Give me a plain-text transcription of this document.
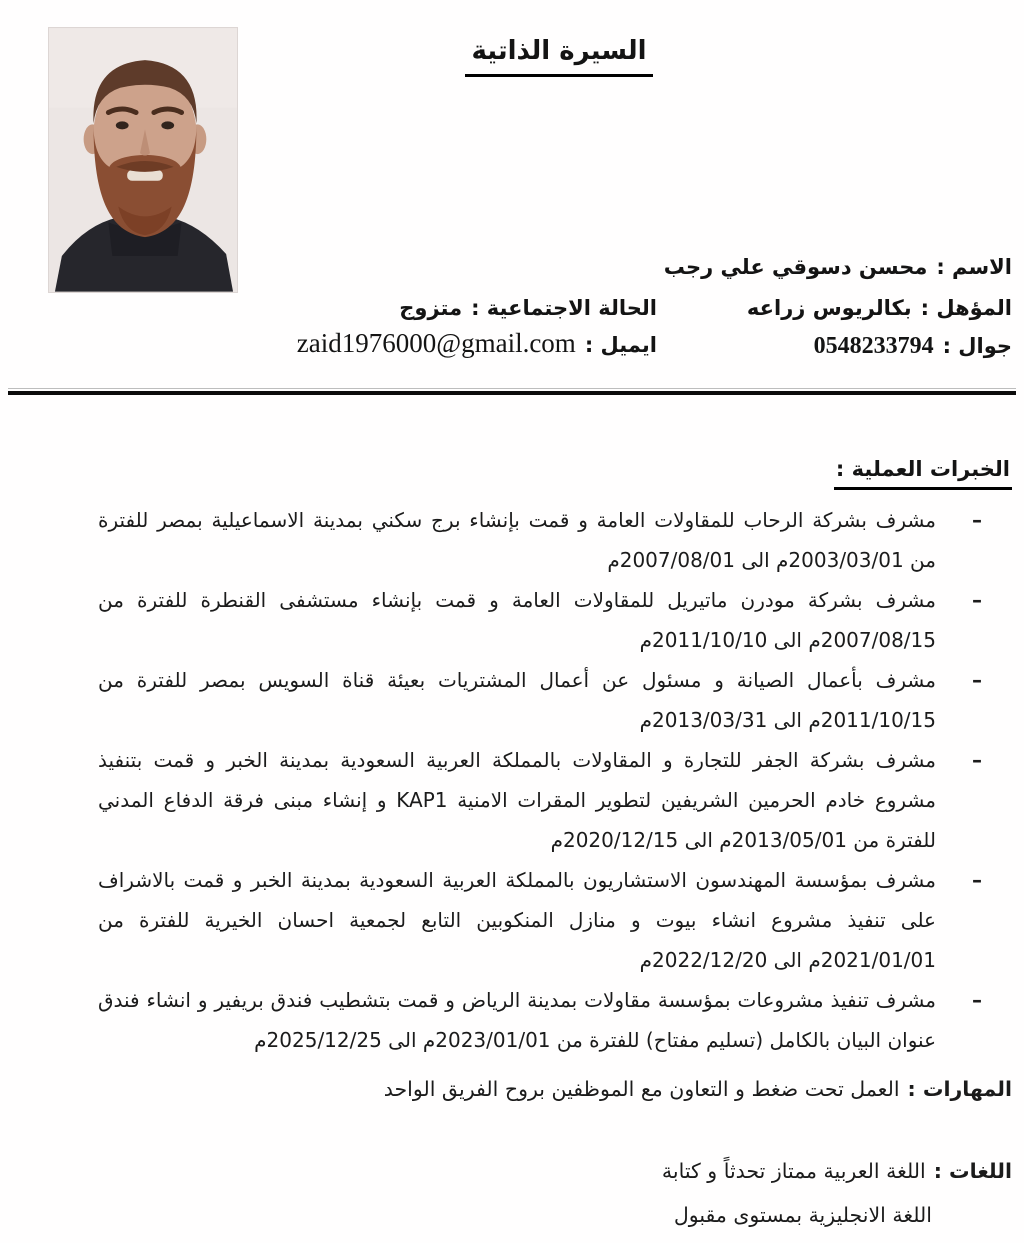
السيرة الذاتية
الاسم :محسن دسوقي علي رجب
المؤهل :بكالريوس زراعه
جوال :0548233794
الحالة الاجتماعية :متزوج
ايميل :zaid1976000@gmail.com
الخبرات العملية :
–
مشرف بشركة الرحاب للمقاولات العامة و قمت بإنشاء برج سكني بمدينة الاسماعيلية بمصر للفترة من 2003/03/01م الى 2007/08/01م
–
مشرف بشركة مودرن ماتيريل للمقاولات العامة و قمت بإنشاء مستشفى القنطرة للفترة من 2007/08/15م الى 2011/10/10م
–
مشرف بأعمال الصيانة و مسئول عن أعمال المشتريات بعيئة قناة السويس بمصر للفترة من 2011/10/15م الى 2013/03/31م
–
مشرف بشركة الجفر للتجارة و المقاولات بالمملكة العربية السعودية بمدينة الخبر و قمت بتنفيذ مشروع خادم الحرمين الشريفين لتطوير المقرات الامنية KAP1 و إنشاء مبنى فرقة الدفاع المدني للفترة من 2013/05/01م الى 2020/12/15م
–
مشرف بمؤسسة المهندسون الاستشاريون بالمملكة العربية السعودية بمدينة الخبر و قمت بالاشراف على تنفيذ مشروع انشاء بيوت و منازل المنكوبين التابع لجمعية احسان الخيرية للفترة من 2021/01/01م الى 2022/12/20م
–
مشرف تنفيذ مشروعات بمؤسسة مقاولات بمدينة الرياض و قمت بتشطيب فندق بريفير و انشاء فندق عنوان البيان بالكامل (تسليم مفتاح) للفترة من 2023/01/01م الى 2025/12/25م
المهارات :العمل تحت ضغط و التعاون مع الموظفين بروح الفريق الواحد
اللغات :اللغة العربية ممتاز تحدثاً و كتابة
اللغة الانجليزية بمستوى مقبول
